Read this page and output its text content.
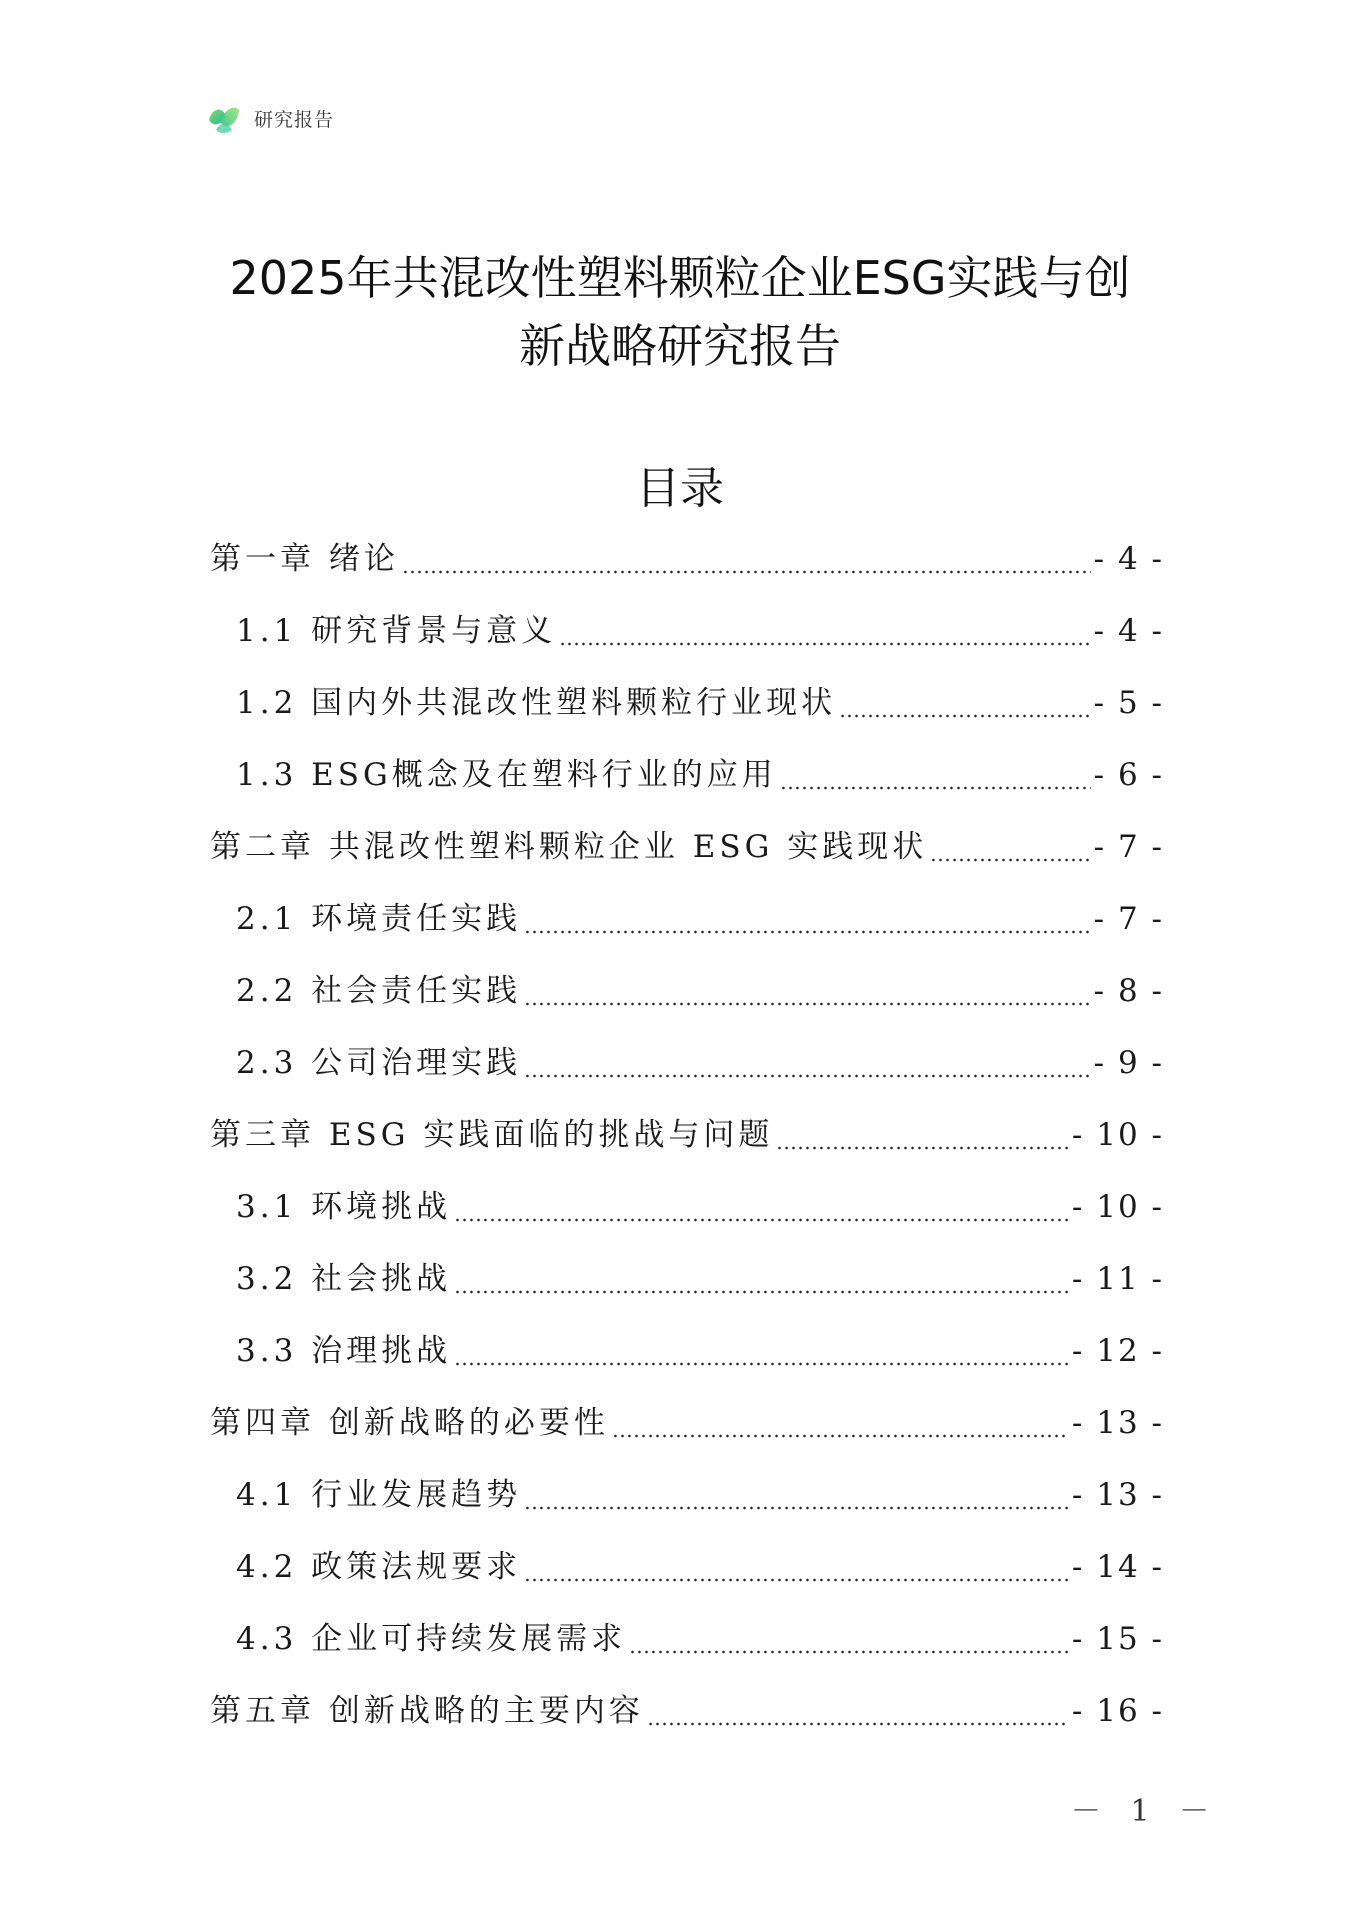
研究报告
2025年共混改性塑料颗粒企业ESG实践与创
新战略研究报告
目录
第一章 绪论	- 4 -
1.1 研究背景与意义	- 4 -
1.2 国内外共混改性塑料颗粒行业现状	- 5 -
1.3 ESG概念及在塑料行业的应用	- 6 -
第二章 共混改性塑料颗粒企业 ESG 实践现状	- 7 -
2.1 环境责任实践	- 7 -
2.2 社会责任实践	- 8 -
2.3 公司治理实践	- 9 -
第三章 ESG 实践面临的挑战与问题	- 10 -
3.1 环境挑战	- 10 -
3.2 社会挑战	- 11 -
3.3 治理挑战	- 12 -
第四章 创新战略的必要性	- 13 -
4.1 行业发展趋势	- 13 -
4.2 政策法规要求	- 14 -
4.3 企业可持续发展需求	- 15 -
第五章 创新战略的主要内容	- 16 -
－ 1 －
